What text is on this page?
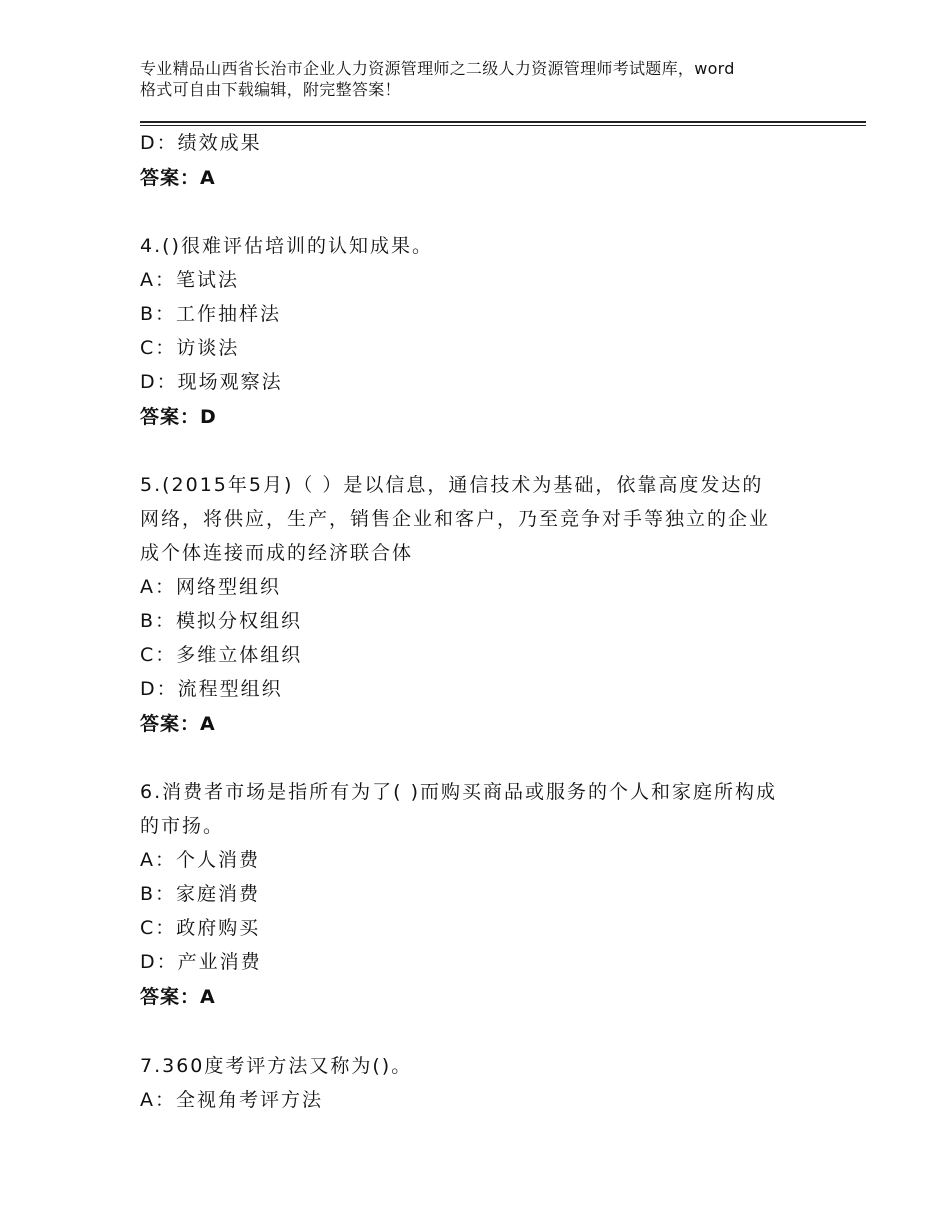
专业精品山西省长治市企业人力资源管理师之二级人力资源管理师考试题库，word
格式可自由下载编辑，附完整答案！
D：绩效成果
答案：A
4.()很难评估培训的认知成果。
A：笔试法
B：工作抽样法
C：访谈法
D：现场观察法
答案：D
5.(2015年5月)（ ）是以信息，通信技术为基础，依靠高度发达的
网络，将供应，生产，销售企业和客户，乃至竞争对手等独立的企业
成个体连接而成的经济联合体
A：网络型组织
B：模拟分权组织
C：多维立体组织
D：流程型组织
答案：A
6.消费者市场是指所有为了( )而购买商品或服务的个人和家庭所构成
的市扬。
A：个人消费
B：家庭消费
C：政府购买
D：产业消费
答案：A
7.360度考评方法又称为()。
A：全视角考评方法
